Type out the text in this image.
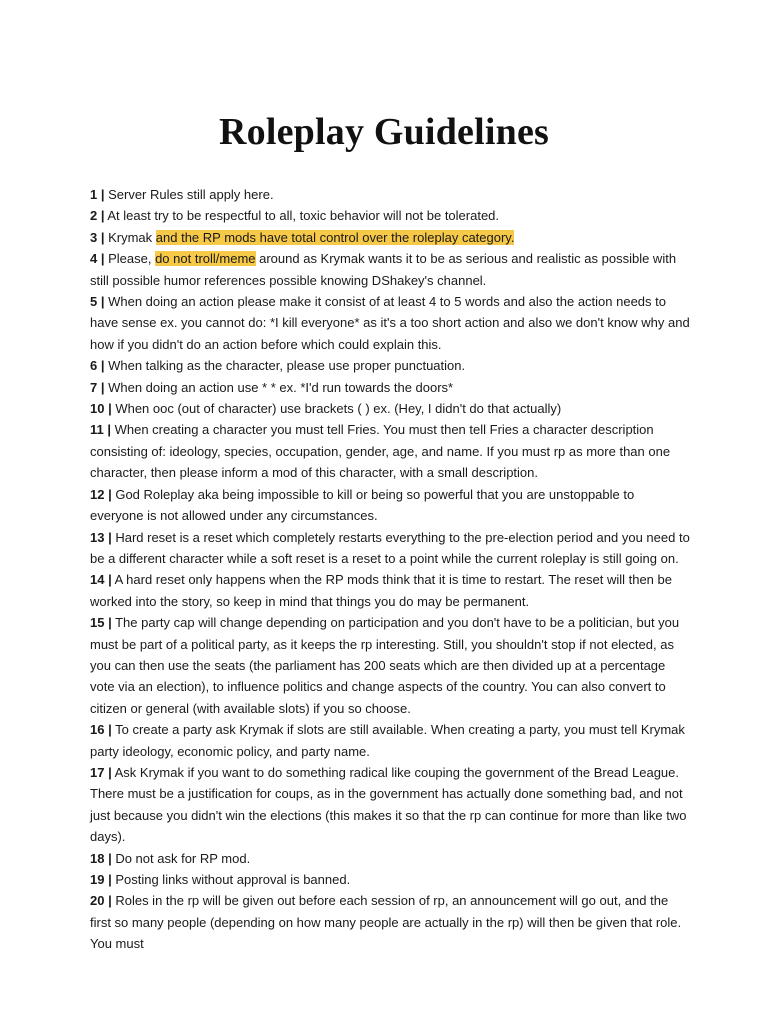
Roleplay Guidelines

1 | Server Rules still apply here.

2 | At least try to be respectful to all, toxic behavior will not be tolerated.

3 | Krymak and the RP mods have total control over the roleplay category.

4 | Please, do not troll/meme around as Krymak wants it to be as serious and realistic as possible with still possible humor references possible knowing DShakey's channel.

5 | When doing an action please make it consist of at least 4 to 5 words and also the action needs to have sense ex. you cannot do: *I kill everyone* as it's a too short action and also we don't know why and how if you didn't do an action before which could explain this.

6 | When talking as the character, please use proper punctuation.

7 | When doing an action use * * ex. *I'd run towards the doors*

10 | When ooc (out of character) use brackets ( ) ex. (Hey, I didn't do that actually)

11 | When creating a character you must tell Fries. You must then tell Fries a character description consisting of: ideology, species, occupation, gender, age, and name. If you must rp as more than one character, then please inform a mod of this character, with a small description.

12 | God Roleplay aka being impossible to kill or being so powerful that you are unstoppable to everyone is not allowed under any circumstances.

13 | Hard reset is a reset which completely restarts everything to the pre-election period and you need to be a different character while a soft reset is a reset to a point while the current roleplay is still going on.

14 | A hard reset only happens when the RP mods think that it is time to restart. The reset will then be worked into the story, so keep in mind that things you do may be permanent.

15 | The party cap will change depending on participation and you don't have to be a politician, but you must be part of a political party, as it keeps the rp interesting. Still, you shouldn't stop if not elected, as you can then use the seats (the parliament has 200 seats which are then divided up at a percentage vote via an election), to influence politics and change aspects of the country. You can also convert to citizen or general (with available slots) if you so choose.

16 | To create a party ask Krymak if slots are still available. When creating a party, you must tell Krymak party ideology, economic policy, and party name.

17 | Ask Krymak if you want to do something radical like couping the government of the Bread League. There must be a justification for coups, as in the government has actually done something bad, and not just because you didn't win the elections (this makes it so that the rp can continue for more than like two days).

18 | Do not ask for RP mod.

19 | Posting links without approval is banned.

20 | Roles in the rp will be given out before each session of rp, an announcement will go out, and the first so many people (depending on how many people are actually in the rp) will then be given that role. You must
